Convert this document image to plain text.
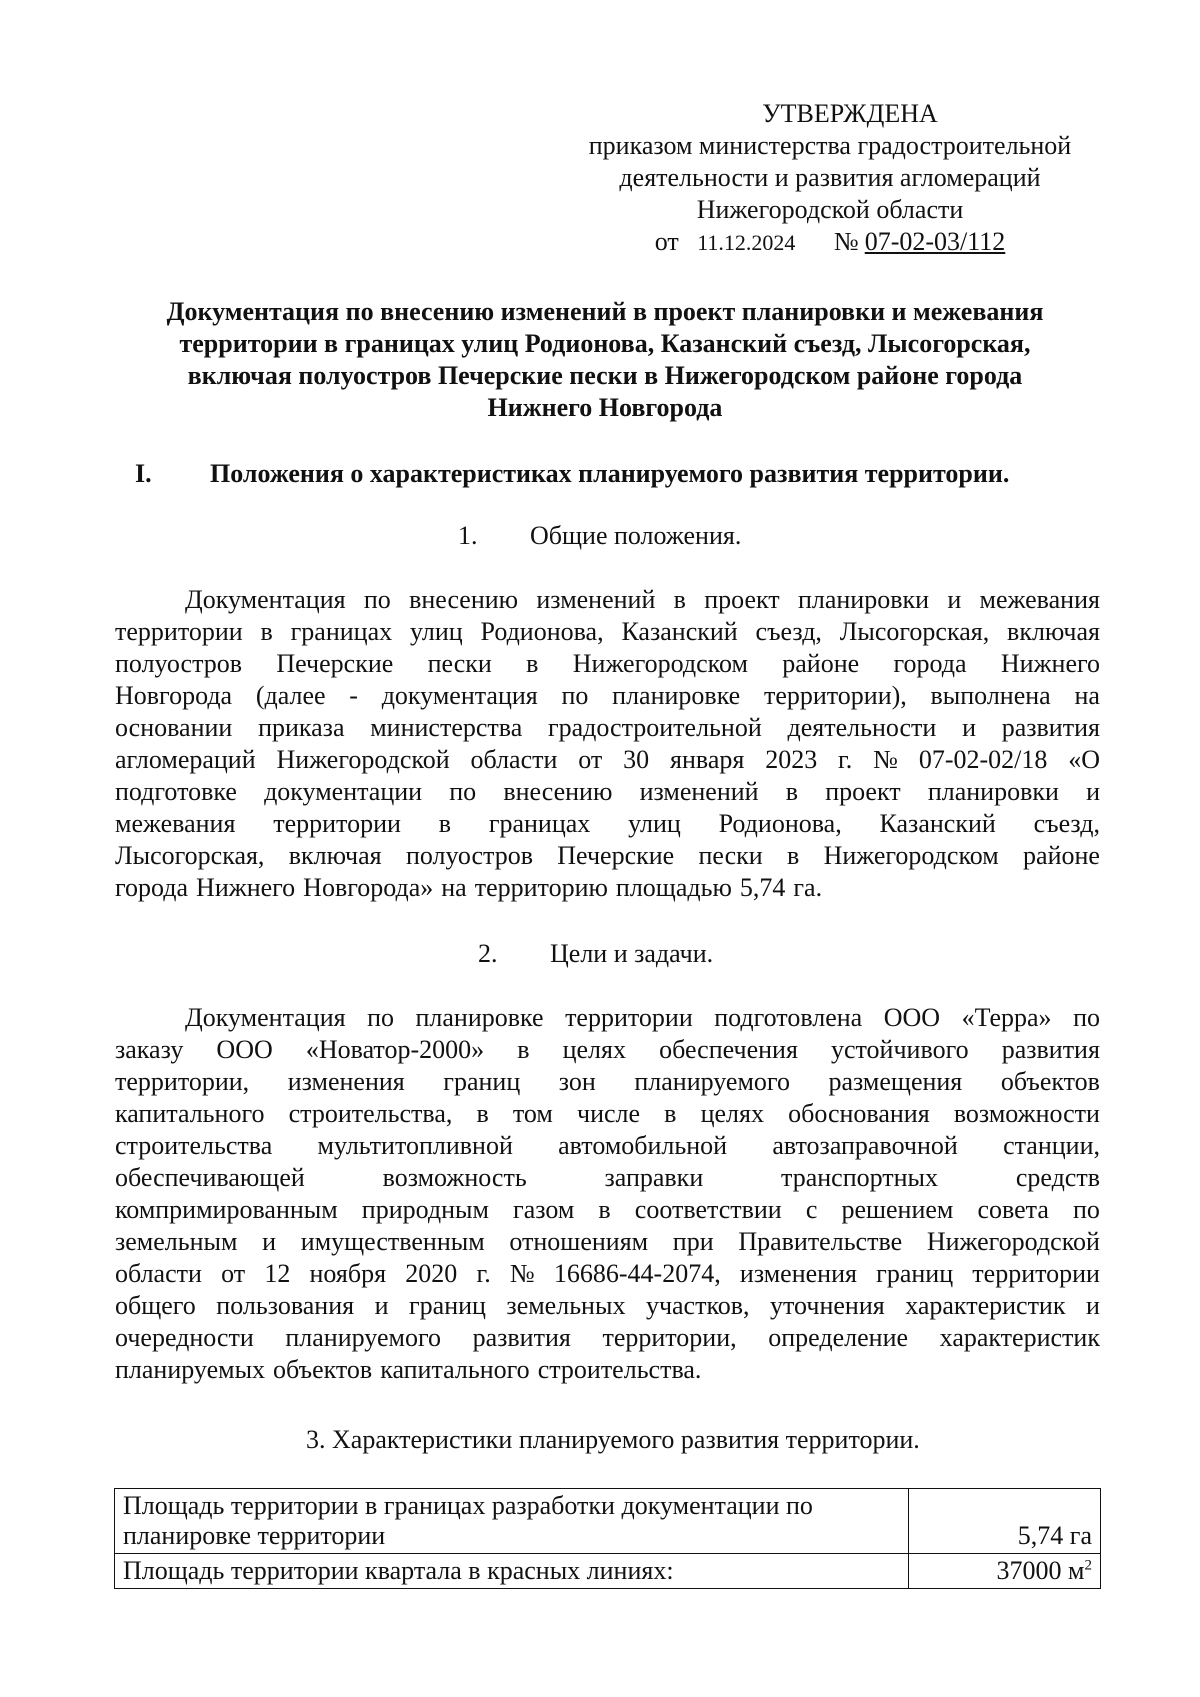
УТВЕРЖДЕНА
приказом министерства градостроительной
деятельности и развития агломераций
Нижегородской области
от 11.12.2024 № 07-02-03/112
Документация по внесению изменений в проект планировки и межевания
территории в границах улиц Родионова, Казанский съезд, Лысогорская,
включая полуостров Печерские пески в Нижегородском районе города
Нижнего Новгорода
I. Положения о характеристиках планируемого развития территории.
1. Общие положения.
Документация по внесению изменений в проект планировки и межевания
территории в границах улиц Родионова, Казанский съезд, Лысогорская, включая
полуостров Печерские пески в Нижегородском районе города Нижнего
Новгорода (далее - документация по планировке территории), выполнена на
основании приказа министерства градостроительной деятельности и развития
агломераций Нижегородской области от 30 января 2023 г. № 07-02-02/18 «О
подготовке документации по внесению изменений в проект планировки и
межевания территории в границах улиц Родионова, Казанский съезд,
Лысогорская, включая полуостров Печерские пески в Нижегородском районе
города Нижнего Новгорода» на территорию площадью 5,74 га.
2. Цели и задачи.
Документация по планировке территории подготовлена ООО «Терра» по
заказу ООО «Новатор-2000» в целях обеспечения устойчивого развития
территории, изменения границ зон планируемого размещения объектов
капитального строительства, в том числе в целях обоснования возможности
строительства мультитопливной автомобильной автозаправочной станции,
обеспечивающей	возможность	заправки	транспортных	средств
компримированным природным газом в соответствии с решением совета по
земельным и имущественным отношениям при Правительстве Нижегородской
области от 12 ноября 2020 г. № 16686-44-2074, изменения границ территории
общего пользования и границ земельных участков, уточнения характеристик и
очередности планируемого развития территории, определение характеристик
планируемых объектов капитального строительства.
3. Характеристики планируемого развития территории.
Площадь территории в границах разработки документации по
планировке территории	5,74 га
Площадь территории квартала в красных линиях:	37000 $м^2$
